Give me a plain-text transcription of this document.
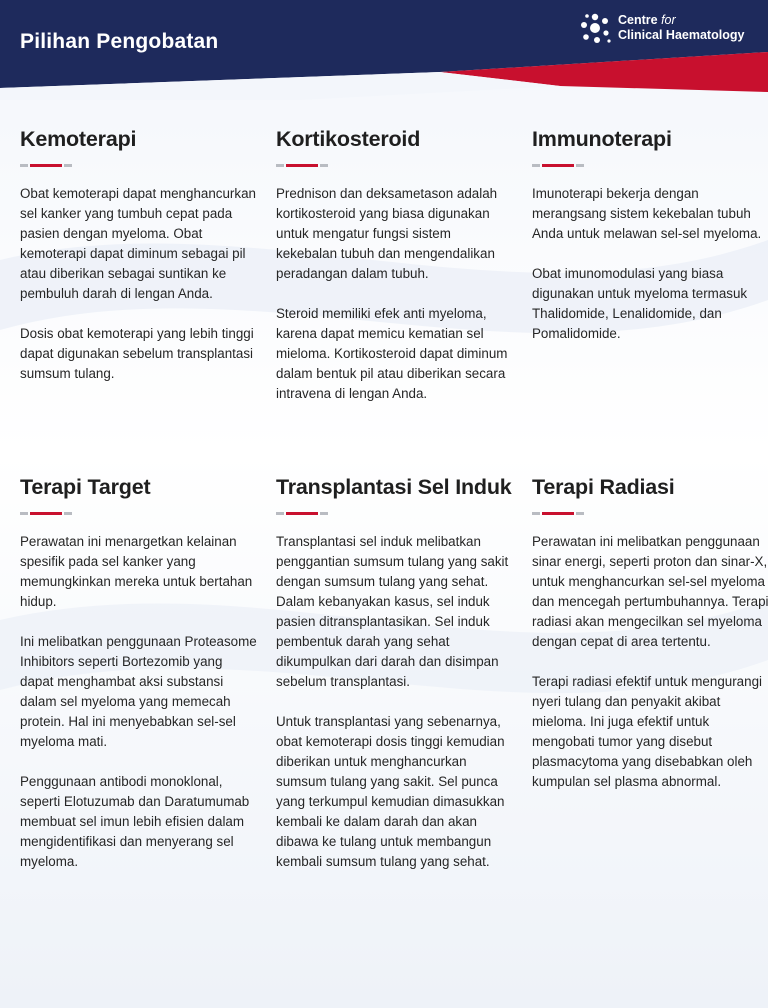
Pilihan Pengobatan
Centre for
Clinical Haematology
Kemoterapi

Obat kemoterapi dapat menghancurkan sel kanker yang tumbuh cepat pada pasien dengan myeloma. Obat kemoterapi dapat diminum sebagai pil atau diberikan sebagai suntikan ke pembuluh darah di lengan Anda.

Dosis obat kemoterapi yang lebih tinggi dapat digunakan sebelum transplantasi sumsum tulang.

Kortikosteroid

Prednison dan deksametason adalah kortikosteroid yang biasa digunakan untuk mengatur fungsi sistem kekebalan tubuh dan mengendalikan peradangan dalam tubuh.

Steroid memiliki efek anti myeloma, karena dapat memicu kematian sel mieloma. Kortikosteroid dapat diminum dalam bentuk pil atau diberikan secara intravena di lengan Anda.

Immunoterapi

Imunoterapi bekerja dengan merangsang sistem kekebalan tubuh Anda untuk melawan sel-sel myeloma.

Obat imunomodulasi yang biasa digunakan untuk myeloma termasuk Thalidomide, Lenalidomide, dan Pomalidomide.

Terapi Target

Perawatan ini menargetkan kelainan spesifik pada sel kanker yang memungkinkan mereka untuk bertahan hidup.

Ini melibatkan penggunaan Proteasome Inhibitors seperti Bortezomib yang dapat menghambat aksi substansi dalam sel myeloma yang memecah protein. Hal ini menyebabkan sel-sel myeloma mati.

Penggunaan antibodi monoklonal, seperti Elotuzumab dan Daratumumab membuat sel imun lebih efisien dalam mengidentifikasi dan menyerang sel myeloma.

Transplantasi Sel Induk

Transplantasi sel induk melibatkan penggantian sumsum tulang yang sakit dengan sumsum tulang yang sehat. Dalam kebanyakan kasus, sel induk pasien ditransplantasikan. Sel induk pembentuk darah yang sehat dikumpulkan dari darah dan disimpan sebelum transplantasi.

Untuk transplantasi yang sebenarnya, obat kemoterapi dosis tinggi kemudian diberikan untuk menghancurkan sumsum tulang yang sakit. Sel punca yang terkumpul kemudian dimasukkan kembali ke dalam darah dan akan dibawa ke tulang untuk membangun kembali sumsum tulang yang sehat.

Terapi Radiasi

Perawatan ini melibatkan penggunaan sinar energi, seperti proton dan sinar-X, untuk menghancurkan sel-sel myeloma dan mencegah pertumbuhannya. Terapi radiasi akan mengecilkan sel myeloma dengan cepat di area tertentu.

Terapi radiasi efektif untuk mengurangi nyeri tulang dan penyakit akibat mieloma. Ini juga efektif untuk mengobati tumor yang disebut plasmacytoma yang disebabkan oleh kumpulan sel plasma abnormal.
